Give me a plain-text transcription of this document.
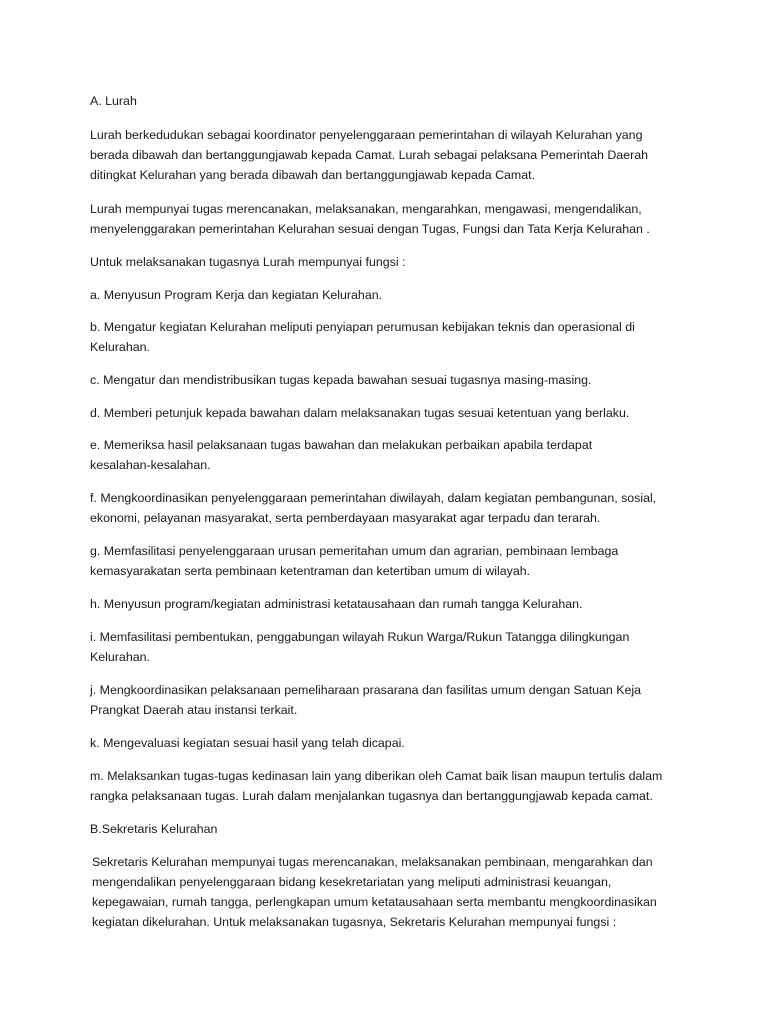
A. Lurah

Lurah berkedudukan sebagai koordinator penyelenggaraan pemerintahan di wilayah Kelurahan yang
berada dibawah dan bertanggungjawab kepada Camat. Lurah sebagai pelaksana Pemerintah Daerah
ditingkat Kelurahan yang berada dibawah dan bertanggungjawab kepada Camat.

Lurah mempunyai tugas merencanakan, melaksanakan, mengarahkan, mengawasi, mengendalikan,
menyelenggarakan pemerintahan Kelurahan sesuai dengan Tugas, Fungsi dan Tata Kerja Kelurahan .

Untuk melaksanakan tugasnya Lurah mempunyai fungsi :

a. Menyusun Program Kerja dan kegiatan Kelurahan.

b. Mengatur kegiatan Kelurahan meliputi penyiapan perumusan kebijakan teknis dan operasional di
Kelurahan.

c. Mengatur dan mendistribusikan tugas kepada bawahan sesuai tugasnya masing-masing.

d. Memberi petunjuk kepada bawahan dalam melaksanakan tugas sesuai ketentuan yang berlaku.

e. Memeriksa hasil pelaksanaan tugas bawahan dan melakukan perbaikan apabila terdapat
kesalahan-kesalahan.

f. Mengkoordinasikan penyelenggaraan pemerintahan diwilayah, dalam kegiatan pembangunan, sosial,
ekonomi, pelayanan masyarakat, serta pemberdayaan masyarakat agar terpadu dan terarah.

g. Memfasilitasi penyelenggaraan urusan pemeritahan umum dan agrarian, pembinaan lembaga
kemasyarakatan serta pembinaan ketentraman dan ketertiban umum di wilayah.

h. Menyusun program/kegiatan administrasi ketatausahaan dan rumah tangga Kelurahan.

i. Memfasilitasi pembentukan, penggabungan wilayah Rukun Warga/Rukun Tatangga dilingkungan
Kelurahan.

j. Mengkoordinasikan pelaksanaan pemeliharaan prasarana dan fasilitas umum dengan Satuan Keja
Prangkat Daerah atau instansi terkait.

k. Mengevaluasi kegiatan sesuai hasil yang telah dicapai.

m. Melaksankan tugas-tugas kedinasan lain yang diberikan oleh Camat baik lisan maupun tertulis dalam
rangka pelaksanaan tugas. Lurah dalam menjalankan tugasnya dan bertanggungjawab kepada camat.

B.Sekretaris Kelurahan

Sekretaris Kelurahan mempunyai tugas merencanakan, melaksanakan pembinaan, mengarahkan dan
mengendalikan penyelenggaraan bidang kesekretariatan yang meliputi administrasi keuangan,
kepegawaian, rumah tangga, perlengkapan umum ketatausahaan serta membantu mengkoordinasikan
kegiatan dikelurahan. Untuk melaksanakan tugasnya, Sekretaris Kelurahan mempunyai fungsi :
